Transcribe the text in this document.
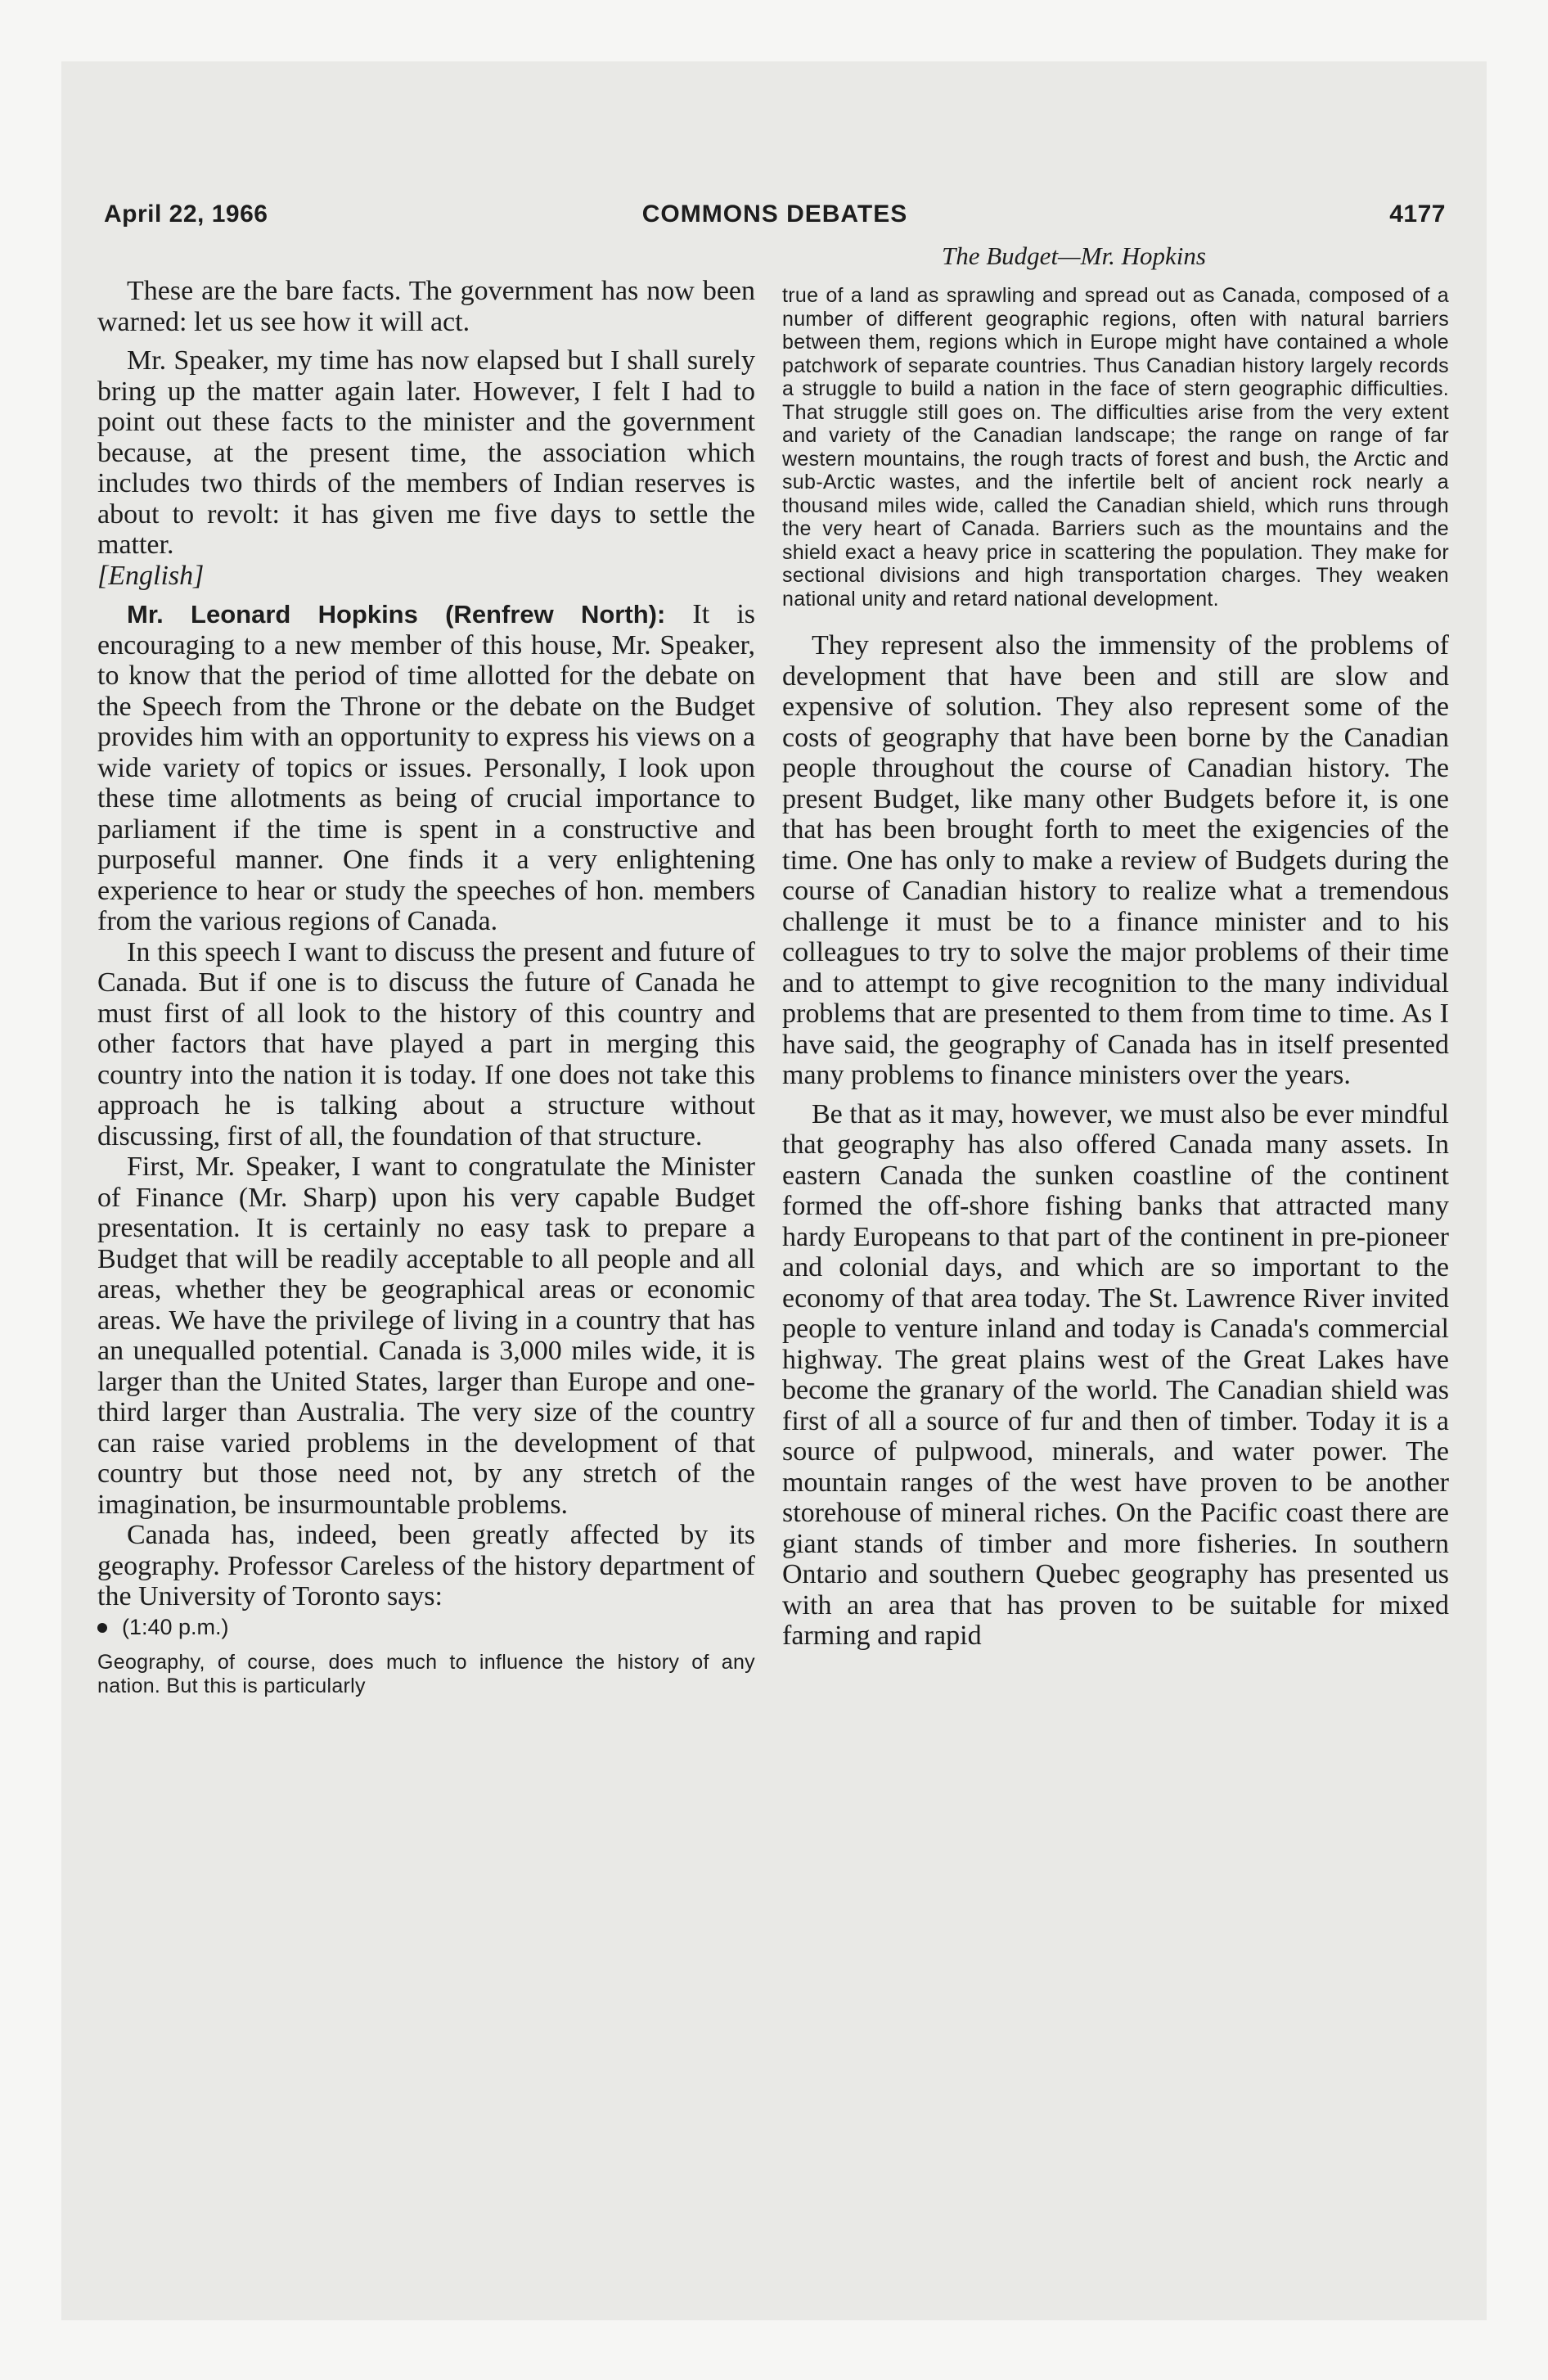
April 22, 1966	COMMONS DEBATES	4177
The Budget—Mr. Hopkins

These are the bare facts. The government has now been warned: let us see how it will act.

Mr. Speaker, my time has now elapsed but I shall surely bring up the matter again later. However, I felt I had to point out these facts to the minister and the government because, at the present time, the association which includes two thirds of the members of Indian reserves is about to revolt: it has given me five days to settle the matter.

[English]

Mr. Leonard Hopkins (Renfrew North): It is encouraging to a new member of this house, Mr. Speaker, to know that the period of time allotted for the debate on the Speech from the Throne or the debate on the Budget provides him with an opportunity to express his views on a wide variety of topics or issues. Personally, I look upon these time allotments as being of crucial importance to parliament if the time is spent in a constructive and purposeful manner. One finds it a very enlightening experience to hear or study the speeches of hon. members from the various regions of Canada.

In this speech I want to discuss the present and future of Canada. But if one is to discuss the future of Canada he must first of all look to the history of this country and other factors that have played a part in merging this country into the nation it is today. If one does not take this approach he is talking about a structure without discussing, first of all, the foundation of that structure.

First, Mr. Speaker, I want to congratulate the Minister of Finance (Mr. Sharp) upon his very capable Budget presentation. It is certainly no easy task to prepare a Budget that will be readily acceptable to all people and all areas, whether they be geographical areas or economic areas. We have the privilege of living in a country that has an unequalled potential. Canada is 3,000 miles wide, it is larger than the United States, larger than Europe and one-third larger than Australia. The very size of the country can raise varied problems in the development of that country but those need not, by any stretch of the imagination, be insurmountable problems.

Canada has, indeed, been greatly affected by its geography. Professor Careless of the history department of the University of Toronto says:

(1:40 p.m.)

Geography, of course, does much to influence the history of any nation. But this is particularly

true of a land as sprawling and spread out as Canada, composed of a number of different geographic regions, often with natural barriers between them, regions which in Europe might have contained a whole patchwork of separate countries. Thus Canadian history largely records a struggle to build a nation in the face of stern geographic difficulties. That struggle still goes on. The difficulties arise from the very extent and variety of the Canadian landscape; the range on range of far western mountains, the rough tracts of forest and bush, the Arctic and sub-Arctic wastes, and the infertile belt of ancient rock nearly a thousand miles wide, called the Canadian shield, which runs through the very heart of Canada. Barriers such as the mountains and the shield exact a heavy price in scattering the population. They make for sectional divisions and high transportation charges. They weaken national unity and retard national development.

They represent also the immensity of the problems of development that have been and still are slow and expensive of solution. They also represent some of the costs of geography that have been borne by the Canadian people throughout the course of Canadian history. The present Budget, like many other Budgets before it, is one that has been brought forth to meet the exigencies of the time. One has only to make a review of Budgets during the course of Canadian history to realize what a tremendous challenge it must be to a finance minister and to his colleagues to try to solve the major problems of their time and to attempt to give recognition to the many individual problems that are presented to them from time to time. As I have said, the geography of Canada has in itself presented many problems to finance ministers over the years.

Be that as it may, however, we must also be ever mindful that geography has also offered Canada many assets. In eastern Canada the sunken coastline of the continent formed the off-shore fishing banks that attracted many hardy Europeans to that part of the continent in pre-pioneer and colonial days, and which are so important to the economy of that area today. The St. Lawrence River invited people to venture inland and today is Canada's commercial highway. The great plains west of the Great Lakes have become the granary of the world. The Canadian shield was first of all a source of fur and then of timber. Today it is a source of pulpwood, minerals, and water power. The mountain ranges of the west have proven to be another storehouse of mineral riches. On the Pacific coast there are giant stands of timber and more fisheries. In southern Ontario and southern Quebec geography has presented us with an area that has proven to be suitable for mixed farming and rapid
